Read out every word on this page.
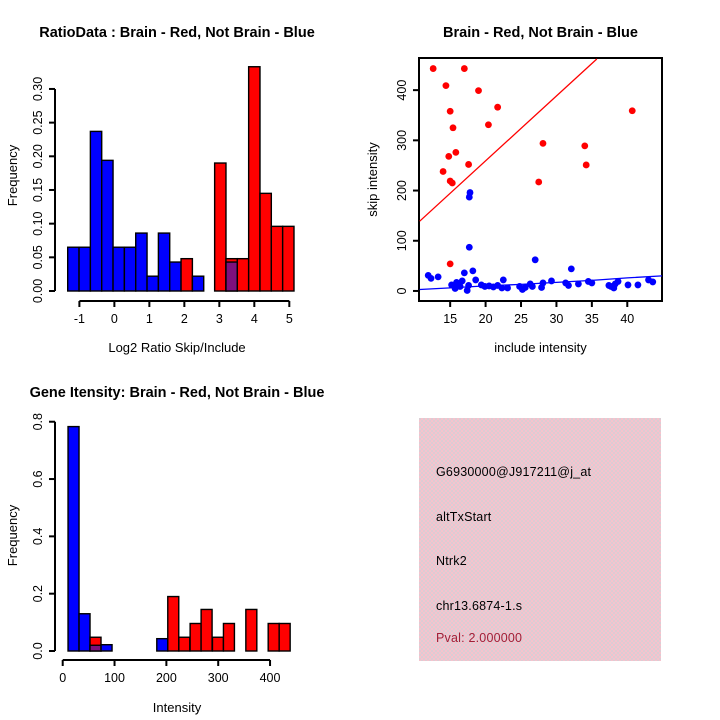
RatioData : Brain - Red, Not Brain - Blue
-1 0 1 2 3 4 5
Log2 Ratio Skip/Include
0.00
0.05
0.10
0.15
0.20
0.25
0.30
Frequency
Brain - Red, Not Brain - Blue
15 20 25 30 35 40
include intensity
0
100
200
300
400
skip intensity
Gene Itensity: Brain - Red, Not Brain - Blue
0	100 200 300 400
Intensity
0.0
0.2
0.4
0.6
0.8
Frequency
G6930000@J917211@j_at
altTxStart
Ntrk2
chr13.6874-1.s
Pval: 2.000000
